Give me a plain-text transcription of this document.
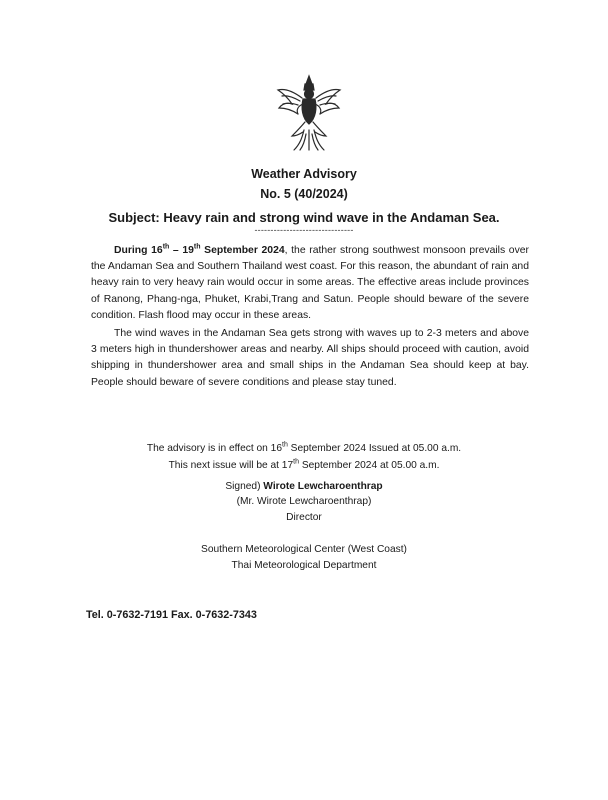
Weather Advisory
No. 5 (40/2024)
Subject: Heavy rain and strong wind wave in the Andaman Sea.
-------------------------------
During 16th – 19th September 2024, the rather strong southwest monsoon prevails over the Andaman Sea and Southern Thailand west coast. For this reason, the abundant of rain and heavy rain to very heavy rain would occur in some areas. The effective areas include provinces of Ranong, Phang-nga, Phuket, Krabi,Trang and Satun. People should beware of the severe condition. Flash flood may occur in these areas.
The wind waves in the Andaman Sea gets strong with waves up to 2-3 meters and above 3 meters high in thundershower areas and nearby. All ships should proceed with caution, avoid shipping in thundershower area and small ships in the Andaman Sea should keep at bay. People should beware of severe conditions and please stay tuned.
The advisory is in effect on 16th September 2024 Issued at 05.00 a.m.
This next issue will be at 17th September 2024 at 05.00 a.m.
Signed) Wirote Lewcharoenthrap
(Mr. Wirote Lewcharoenthrap)
Director
Southern Meteorological Center (West Coast)
Thai Meteorological Department
Tel. 0-7632-7191 Fax. 0-7632-7343
